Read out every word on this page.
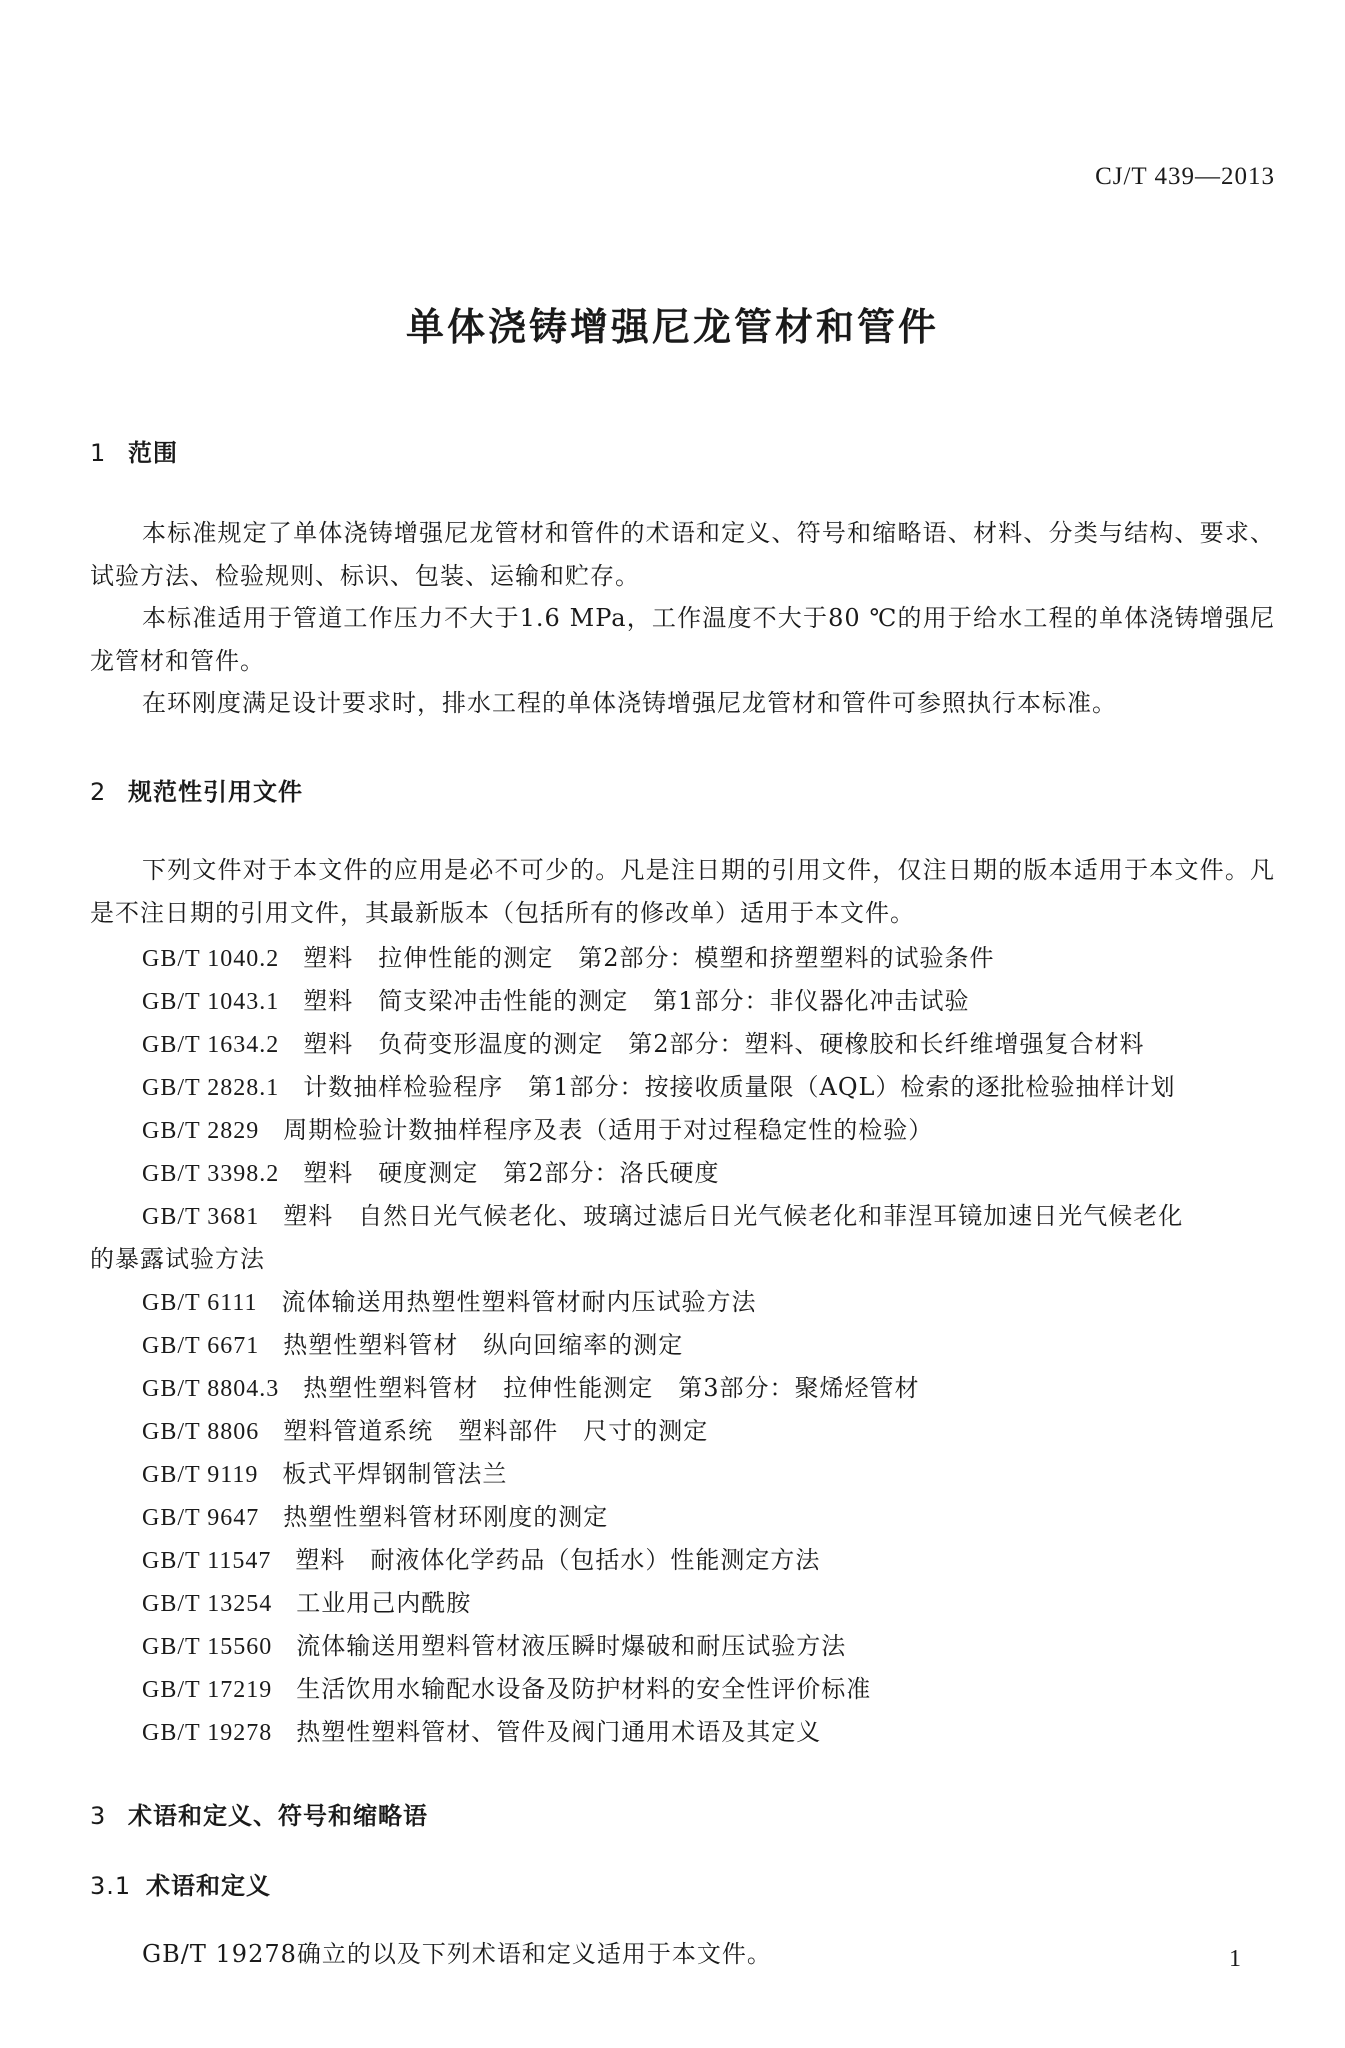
CJ/T 439—2013
单体浇铸增强尼龙管材和管件
1 范围
本标准规定了单体浇铸增强尼龙管材和管件的术语和定义、符号和缩略语、材料、分类与结构、要求、试验方法、检验规则、标识、包装、运输和贮存。
本标准适用于管道工作压力不大于1.6 MPa，工作温度不大于80 ℃的用于给水工程的单体浇铸增强尼龙管材和管件。
在环刚度满足设计要求时，排水工程的单体浇铸增强尼龙管材和管件可参照执行本标准。
2 规范性引用文件
下列文件对于本文件的应用是必不可少的。凡是注日期的引用文件，仅注日期的版本适用于本文件。凡是不注日期的引用文件，其最新版本（包括所有的修改单）适用于本文件。
GB/T 1040.2 塑料　拉伸性能的测定　第2部分：模塑和挤塑塑料的试验条件
GB/T 1043.1 塑料　简支梁冲击性能的测定　第1部分：非仪器化冲击试验
GB/T 1634.2 塑料　负荷变形温度的测定　第2部分：塑料、硬橡胶和长纤维增强复合材料
GB/T 2828.1 计数抽样检验程序　第1部分：按接收质量限（AQL）检索的逐批检验抽样计划
GB/T 2829 周期检验计数抽样程序及表（适用于对过程稳定性的检验）
GB/T 3398.2 塑料　硬度测定　第2部分：洛氏硬度
GB/T 3681 塑料　自然日光气候老化、玻璃过滤后日光气候老化和菲涅耳镜加速日光气候老化
的暴露试验方法
GB/T 6111 流体输送用热塑性塑料管材耐内压试验方法
GB/T 6671 热塑性塑料管材　纵向回缩率的测定
GB/T 8804.3 热塑性塑料管材　拉伸性能测定　第3部分：聚烯烃管材
GB/T 8806 塑料管道系统　塑料部件　尺寸的测定
GB/T 9119 板式平焊钢制管法兰
GB/T 9647 热塑性塑料管材环刚度的测定
GB/T 11547 塑料　耐液体化学药品（包括水）性能测定方法
GB/T 13254 工业用己内酰胺
GB/T 15560 流体输送用塑料管材液压瞬时爆破和耐压试验方法
GB/T 17219 生活饮用水输配水设备及防护材料的安全性评价标准
GB/T 19278 热塑性塑料管材、管件及阀门通用术语及其定义
3 术语和定义、符号和缩略语
3.1 术语和定义
GB/T 19278确立的以及下列术语和定义适用于本文件。	1
